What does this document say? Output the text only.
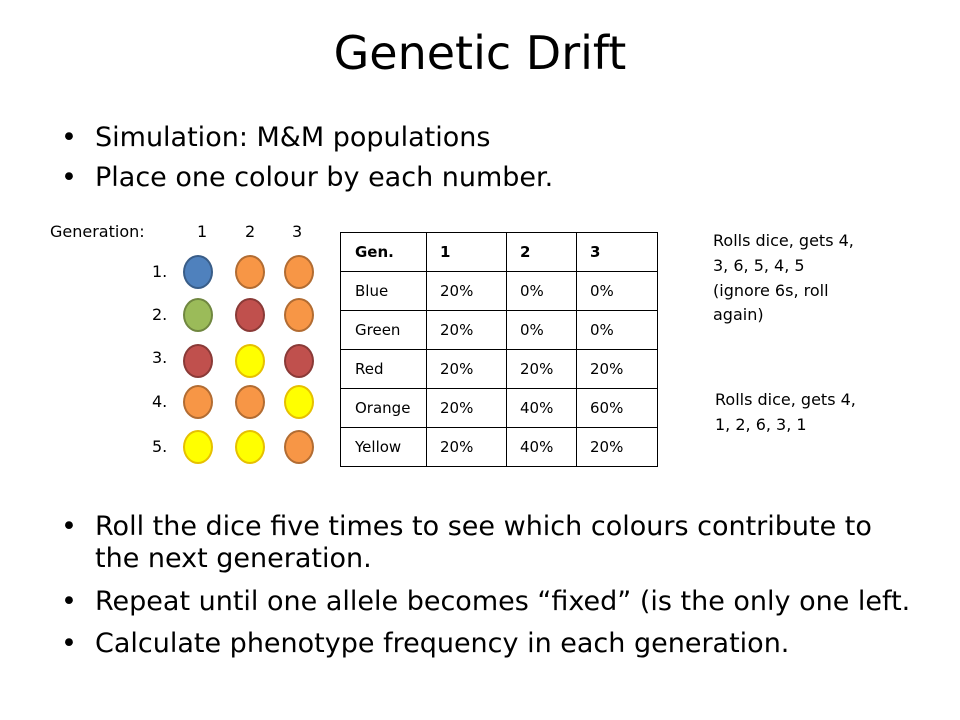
Genetic Drift
• Simulation: M&M populations
• Place one colour by each number.
Generation:	1 2 3
1.
2.
3.
4.
5.
Gen.	1	2	3
Blue	20%	0%	0%
Green	20%	0%	0%
Red	20%	20%	20%
Orange	20%	40%	60%
Yellow	20%	40%	20%
Rolls dice, gets 4,
3, 6, 5, 4, 5
(ignore 6s, roll
again)
Rolls dice, gets 4,
1, 2, 6, 3, 1
• Roll the dice five times to see which colours contribute to the next generation.
• Repeat until one allele becomes “fixed” (is the only one left.
• Calculate phenotype frequency in each generation.
